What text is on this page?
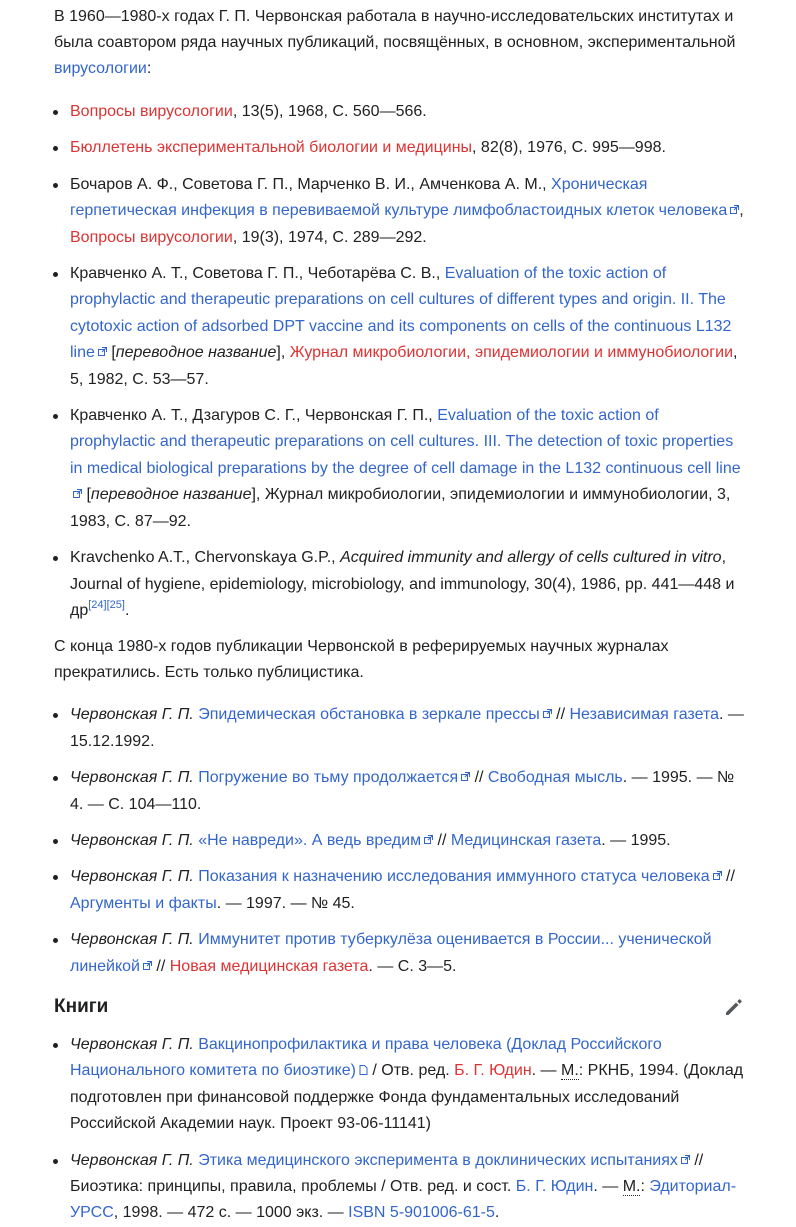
В 1960—1980-х годах Г. П. Червонская работала в научно-исследовательских институтах и была соавтором ряда научных публикаций, посвящённых, в основном, экспериментальной вирусологии:

Вопросы вирусологии, 13(5), 1968, С. 560—566.
Бюллетень экспериментальной биологии и медицины, 82(8), 1976, С. 995—998.
Бочаров А. Ф., Советова Г. П., Марченко В. И., Амченкова А. М., Хроническая герпетическая инфекция в перевиваемой культуре лимфобластоидных клеток человека , Вопросы вирусологии, 19(3), 1974, С. 289—292.
Кравченко А. Т., Советова Г. П., Чеботарёва С. В., Evaluation of the toxic action of prophylactic and therapeutic preparations on cell cultures of different types and origin. II. The cytotoxic action of adsorbed DPT vaccine and its components on cells of the continuous L132 line
[переводное название], Журнал микробиологии, эпидемиологии и иммунобиологии, 5, 1982, С. 53—57.
Кравченко А. Т., Дзагуров С. Г., Червонская Г. П., Evaluation of the toxic action of prophylactic and therapeutic preparations on cell cultures. III. The detection of toxic properties in medical biological preparations by the degree of cell damage in the L132 continuous cell line
[переводное название], Журнал микробиологии, эпидемиологии и иммунобиологии, 3, 1983, С. 87—92.
Kravchenko A.T., Chervonskaya G.P., Acquired immunity and allergy of cells cultured in vitro, Journal of hygiene, epidemiology, microbiology, and immunology, 30(4), 1986, pp. 441—448 и др[24][25].

С конца 1980-х годов публикации Червонской в реферируемых научных журналах прекратились. Есть только публицистика.

Червонская Г. П. Эпидемическая обстановка в зеркале прессы
// Независимая газета. — 15.12.1992.
Червонская Г. П. Погружение во тьму продолжается
// Свободная мысль. — 1995. — № 4. — С. 104—110.
Червонская Г. П. «Не навреди». А ведь вредим
// Медицинская газета. — 1995.
Червонская Г. П. Показания к назначению исследования иммунного статуса человека
// Аргументы и факты. — 1997. — № 45.
Червонская Г. П. Иммунитет против туберкулёза оценивается в России... ученической линейкой
// Новая медицинская газета. — С. 3—5.
Книги
Червонская Г. П. Вакцинопрофилактика и права человека (Доклад Российского Национального комитета по биоэтике)
/ Отв. ред. Б. Г. Юдин. — М.: РКНБ, 1994. (Доклад подготовлен при финансовой поддержке Фонда фундаментальных исследований Российской Академии наук. Проект 93-06-11141)
Червонская Г. П. Этика медицинского эксперимента в доклинических испытаниях
// Биоэтика: принципы, правила, проблемы / Отв. ред. и сост. Б. Г. Юдин. — М.: Эдиториал-УРСС, 1998. — 472 с. — 1000 экз. — ISBN 5-901006-61-5.
